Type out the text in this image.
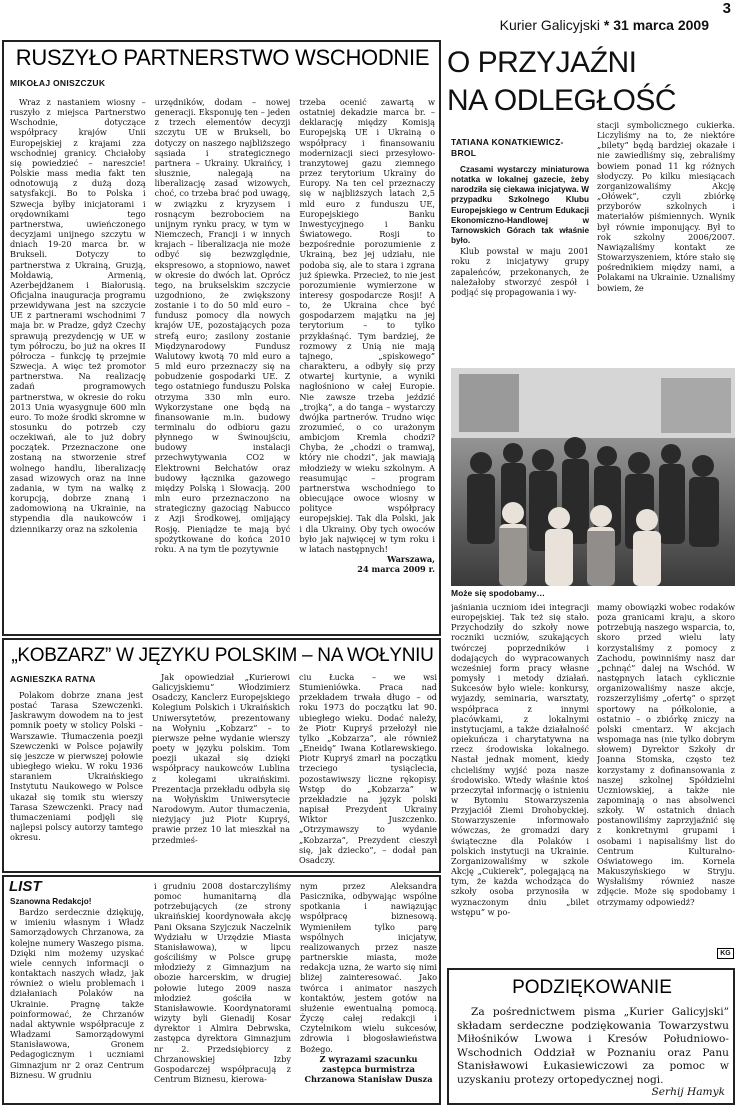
3
Kurier Galicyjski * 31 marca 2009
RUSZYŁO PARTNERSTWO WSCHODNIE
MIKOŁAJ ONISZCZUK

Wraz z nastaniem wiosny – ruszyło z miejsca Partnerstwo Wschodnie, dotyczące współpracy krajów Unii Europejskiej z krajami zza wschodniej granicy. Chciałoby się powiedzieć – nareszcie! Polskie mass media fakt ten odnotowują z dużą dozą satysfakcji. Bo to Polska i Szwecja byłby inicjatorami i orędownikami tego partnerstwa, uwieńczonego decyzjami unijnego szczytu w dniach 19-20 marca br. w Brukseli. Dotyczy to partnerstwa z Ukrainą, Gruzją, Mołdawią, Armenią, Azerbejdżanem i Białorusią. Oficjalna inauguracja programu przewidywana jest na szczycie UE z partnerami wschodnimi 7 maja br. w Pradze, gdyż Czechy sprawują prezydencję w UE w tym półroczu, bo już na okres II półrocza – funkcję tę przejmie Szwecja. A więc też promotor partnerstwa. Na realizację zadań programowych partnerstwa, w okresie do roku 2013 Unia wyasygnuje 600 mln euro. To może środki skromne w stosunku do potrzeb czy oczekiwań, ale to już dobry początek. Przeznaczone one zostaną na stworzenie stref wolnego handlu, liberalizację zasad wizowych oraz na inne zadania, w tym na walkę z korupcją, dobrze znaną i zadomowioną na Ukrainie, na stypendia dla naukowców i dziennikarzy oraz na szkolenia

urzędników, dodam – nowej generacji. Eksponuję ten – jeden z trzech elementów decyzji szczytu UE w Brukseli, bo dotyczy on naszego najbliższego sąsiada i strategicznego partnera – Ukrainy. Ukraińcy, i słusznie, nalegają na liberalizację zasad wizowych, choć, co trzeba brać pod uwagę, w związku z kryzysem i rosnącym bezrobociem na unijnym rynku pracy, w tym w Niemczech, Francji i w innych krajach – liberalizacja nie może odbyć się bezwzględnie, ekspresowo, a stopniowo, nawet w okresie do dwóch lat. Oprócz tego, na brukselskim szczycie uzgodniono, że zwiększony zostanie i to do 50 mld euro – fundusz pomocy dla nowych krajów UE, pozostających poza strefą euro; zasilony zostanie Międzynarodowy Fundusz Walutowy kwotą 70 mld euro a 5 mld euro przeznaczy się na pobudzenie gospodarki UE. Z tego ostatniego funduszu Polska otrzyma 330 mln euro. Wykorzystane one będą na finansowanie m.in. budowy terminalu do odbioru gazu płynnego w Świnoujściu, budowy instalacji przechwytywania CO2 w Elektrowni Bełchatów oraz budowy łącznika gazowego między Polską i Słowacją. 200 mln euro przeznaczono na strategiczny gazociąg Nabucco z Azji Środkowej, omijający Rosję. Pieniądze te mają być spożytkowane do końca 2010 roku. A na tym tle pozytywnie

trzeba ocenić zawartą w ostatniej dekadzie marca br. – deklarację między Komisją Europejską UE i Ukrainą o współpracy i finansowaniu modernizacji sieci przesyłowo-tranzytowej gazu ziemnego przez terytorium Ukrainy do Europy. Na ten cel przeznaczy się w najbliższych latach 2,5 mld euro z funduszu UE, Europejskiego Banku Inwestycyjnego i Banku Światowego. Rosji to bezpośrednie porozumienie z Ukrainą, bez jej udziału, nie podoba się, ale to stara i zgrana już śpiewka. Przecież, to nie jest porozumienie wymierzone w interesy gospodarcze Rosji! A to, że Ukraina chce być gospodarzem majątku na jej terytorium – to tylko przykłaśnąć. Tym bardziej, że rozmowy z Unią nie mają tajnego, „spiskowego” charakteru, a odbyły się przy otwartej kurtynie, a wyniki nagłośniono w całej Europie. Nie zawsze trzeba jeździć „trojką”, a do tanga – wystarczy dwójka partnerów. Trudno więc zrozumieć, o co urażonym ambicjom Kremla chodzi? Chyba, że „chodzi o tramwaj, który nie chodzi”, jak mawiają młodzieży w wieku szkolnym. A reasumując – program partnerstwa wschodniego to obiecujące owoce wiosny w polityce współpracy europejskiej. Tak dla Polski, jak i dla Ukrainy. Oby tych owoców było jak najwięcej w tym roku i w latach następnych!

Warszawa,
24 marca 2009 r.
O PRZYJAŹNI
NA ODLEGŁOŚĆ
TATIANA KONATKIEWICZ-
BROL

Czasami wystarczy miniaturowa notatka w lokalnej gazecie, żeby narodziła się ciekawa inicjatywa. W przypadku Szkolnego Klubu Europejskiego w Centrum Edukacji Ekonomiczno-Handlowej w Tarnowskich Górach tak właśnie było.

Klub powstał w maju 2001 roku z inicjatywy grupy zapaleńców, przekonanych, że należałoby stworzyć zespół i podjąć się propagowania i wy-

stacji symbolicznego cukierka. Liczyliśmy na to, że niektóre „bilety” będą bardziej okazałe i nie zawiedliśmy się, zebraliśmy bowiem ponad 11 kg różnych słodyczy. Po kilku miesiącach zorganizowaliśmy Akcję „Ołówek”, czyli zbiórkę przyborów szkolnych i materiałów piśmiennych. Wynik był równie imponujący. Był to rok szkolny 2006/2007. Nawiązaliśmy kontakt ze Stowarzyszeniem, które stało się pośrednikiem między nami, a Polakami na Ukrainie. Uznaliśmy bowiem, że

Może się spodobamy…

jaśniania uczniom idei integracji europejskiej. Tak też się stało. Przychodziły do szkoły nowe roczniki uczniów, szukających twórczej poprzedników i dodających do wypracowanych wcześniej form pracy własne pomysły i metody działań. Sukcesów było wiele: konkursy, wyjazdy, seminaria, warsztaty, współpraca z innymi placówkami, z lokalnymi instytucjami, a także działalność opiekuńcza i charytatywna na rzecz środowiska lokalnego. Nastał jednak moment, kiedy chcieliśmy wyjść poza nasze środowisko. Wtedy właśnie ktoś przeczytał informację o istnieniu w Bytomiu Stowarzyszenia Przyjaciół Ziemi Drohobyckiej. Stowarzyszenie informowało wówczas, że gromadzi dary świąteczne dla Polaków i polskich instytucji na Ukrainie. Zorganizowaliśmy w szkole Akcję „Cukierek”, polegającą na tym, że każda wchodząca do szkoły osoba przynosiła w wyznaczonym dniu „bilet wstępu” w po-

mamy obowiązki wobec rodaków poza granicami kraju, a skoro potrzebują naszego wsparcia, to, skoro przed wielu laty korzystaliśmy z pomocy z Zachodu, powinniśmy nasz dar „pchnąć” dalej na Wschód. W następnych latach cyklicznie organizowaliśmy nasze akcje, rozszerzyliśmy „ofertę” o sprzęt sportowy na półkolonie, a ostatnio – o zbiórkę zniczy na polski cmentarz. W akcjach wspomaga nas (nie tylko dobrym słowem) Dyrektor Szkoły dr Joanna Stomska, często też korzystamy z dofinansowania z naszej szkolnej Spółdzielni Uczniowskiej, a także nie zapominają o nas absolwenci szkoły. W ostatnich dniach postanowiliśmy zaprzyjaźnić się z konkretnymi grupami i osobami i napisaliśmy list do Centrum Kulturalno-Oświatowego im. Kornela Makuszyńskiego w Stryju. Wysłaliśmy również nasze zdjęcie. Może się spodobamy i otrzymamy odpowiedź?

KG
„KOBZARZ” W JĘZYKU POLSKIM – NA WOŁYNIU
AGNIESZKA RATNA

Polakom dobrze znana jest postać Tarasa Szewczenki. Jaskrawym dowodem na to jest pomnik poety w stolicy Polski – Warszawie. Tłumaczenia poezji Szewczenki w Polsce pojawiły się jeszcze w pierwszej połowie ubiegłego wieku. W roku 1936 staraniem Ukraińskiego Instytutu Naukowego w Polsce ukazał się tomik stu wierszy Tarasa Szewczenki. Pracy nad tłumaczeniami podjęli się najlepsi polscy autorzy tamtego okresu.

Jak opowiedział „Kurierowi Galicyjskiemu” Włodzimierz Osadczy, Kanclerz Europejskiego Kolegium Polskich i Ukraińskich Uniwersytetów, prezentowany na Wołyniu „Kobzarz” – to pierwsze pełne wydanie wierszy poety w języku polskim. Tom poezji ukazał się dzięki współpracy naukowców Lublina z kolegami ukraińskimi. Prezentacja przekładu odbyła się na Wołyńskim Uniwersytecie Narodowym. Autor tłumaczenia, nieżyjący już Piotr Kupryś, prawie przez 10 lat mieszkał na przedmieś-

ciu Łucka – we wsi Stumieniówka. Praca nad przekładem trwała długo – od roku 1973 do początku lat 90. ubiegłego wieku. Dodać należy, że Piotr Kupryś przełożył nie tylko „Kobzarza”, ale również „Eneidę” Iwana Kotlarewskiego. Piotr Kupryś zmarł na początku trzeciego tysiąclecia, pozostawiwszy liczne rękopisy. Wstęp do „Kobzarza” w przekładzie na język polski napisał Prezydent Ukrainy Wiktor Juszczenko. „Otrzymawszy to wydanie „Kobzarza”, Prezydent cieszył się, jak dziecko”, – dodał pan Osadczy.

LIST

Szanowna Redakcjo!

Bardzo serdecznie dziękuję, w imieniu własnym i Władz Samorządowych Chrzanowa, za kolejne numery Waszego pisma. Dzięki nim możemy uzyskać wiele cennych informacji o kontaktach naszych władz, jak również o wielu problemach i działaniach Polaków na Ukrainie. Pragnę także poinformować, że Chrzanów nadal aktywnie współpracuje z Władzami Samorządowymi Stanisławowa, Gronem Pedagogicznym i uczniami Gimnazjum nr 2 oraz Centrum Biznesu. W grudniu

i grudniu 2008 dostarczyliśmy pomoc humanitarną dla potrzebujących (ze strony ukraińskiej koordynowała akcję Pani Oksana Szyjczuk Naczelnik Wydziału w Urzędzie Miasta Stanisławowa), w lipcu gościliśmy w Polsce grupę młodzieży z Gimnazjum na obozie harcerskim, w drugiej połowie lutego 2009 nasza młodzież gościła w Stanisławowie. Koordynatorami wizyty byli Gienadij Kosar dyrektor i Almira Debrwska, zastępca dyrektora Gimnazjum nr 2. Przedsiębiorcy z Chrzanowskiej Izby Gospodarczej współpracują z Centrum Biznesu, kierowa-

nym przez Aleksandra Pasicznika, odbywając wspólne spotkania i nawiązując współpracę biznesową. Wymieniłem tylko parę wspólnych inicjatyw, realizowanych przez nasze partnerskie miasta, może redakcja uzna, że warto się nimi bliżej zainteresować. Jako twórca i animator naszych kontaktów, jestem gotów na służenie ewentualną pomocą. Życzę całej redakcji i Czytelnikom wielu sukcesów, zdrowia i błogosławieństwa Bożego.

Z wyrazami szacunku
zastępca burmistrza Chrzanowa Stanisław Dusza
PODZIĘKOWANIE
Za pośrednictwem pisma „Kurier Galicyjski” składam serdeczne podziękowania Towarzystwu Miłośników Lwowa i Kresów Południowo-Wschodnich Oddział w Poznaniu oraz Panu Stanisławowi Łukasiewiczowi za pomoc w uzyskaniu protezy ortopedycznej nogi.
Serhij Hamyk
